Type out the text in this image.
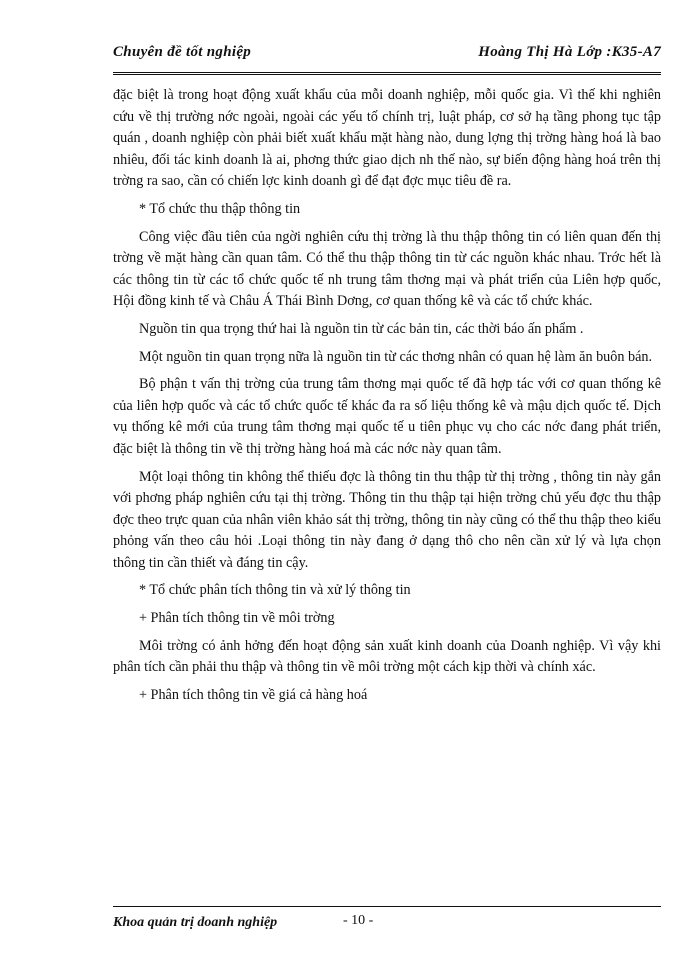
Chuyên đề tốt nghiệp	Hoàng Thị Hà Lớp :K35-A7

đặc biệt là trong hoạt động xuất khẩu của mỗi doanh nghiệp, mỗi quốc gia. Vì thế khi nghiên cứu về thị trường nớc ngoài, ngoài các yếu tố chính trị, luật pháp, cơ sở hạ tầng phong tục tập quán , doanh nghiệp còn phải biết xuất khẩu mặt hàng nào, dung lợng thị trờng hàng hoá là bao nhiêu, đối tác kinh doanh là ai, phơng thức giao dịch nh thế nào, sự biến động hàng hoá trên thị trờng ra sao, cần có chiến lợc kinh doanh gì để đạt đợc mục tiêu đề ra.

* Tổ chức thu thập thông tin

Công việc đầu tiên của ngời nghiên cứu thị trờng là thu thập thông tin có liên quan đến thị trờng về mặt hàng cần quan tâm. Có thể thu thập thông tin từ các nguồn khác nhau. Trớc hết là các thông tin từ các tổ chức quốc tế nh trung tâm thơng mại và phát triển của Liên hợp quốc, Hội đồng kinh tế và Châu Á Thái Bình Dơng, cơ quan thống kê và các tổ chức khác.

Nguồn tin qua trọng thứ hai là nguồn tin từ các bản tin, các thời báo ấn phẩm .

Một nguồn tin quan trọng nữa là nguồn tin từ các thơng nhân có quan hệ làm ăn buôn bán.

Bộ phận t vấn thị trờng của trung tâm thơng mại quốc tế đã hợp tác với cơ quan thống kê của liên hợp quốc và các tổ chức quốc tế khác đa ra số liệu thống kê và mậu dịch quốc tế. Dịch vụ thống kê mới của trung tâm thơng mại quốc tế u tiên phục vụ cho các nớc đang phát triển, đặc biệt là thông tin về thị trờng hàng hoá mà các nớc này quan tâm.

Một loại thông tin không thể thiếu đợc là thông tin thu thập từ thị trờng , thông tin này gắn với phơng pháp nghiên cứu tại thị trờng. Thông tin thu thập tại hiện trờng chủ yếu đợc thu thập đợc theo trực quan của nhân viên khảo sát thị trờng, thông tin này cũng có thể thu thập theo kiểu phỏng vấn theo câu hỏi .Loại thông tin này đang ở dạng thô cho nên cần xử lý và lựa chọn thông tin cần thiết và đáng tin cậy.

* Tổ chức phân tích thông tin và xử lý thông tin

+ Phân tích thông tin về môi trờng

Môi trờng có ảnh hởng đến hoạt động sản xuất kinh doanh của Doanh nghiệp. Vì vậy khi phân tích cần phải thu thập và thông tin về môi trờng một cách kịp thời và chính xác.

+ Phân tích thông tin về giá cả hàng hoá

Khoa quản trị doanh nghiệp	- 10 -
